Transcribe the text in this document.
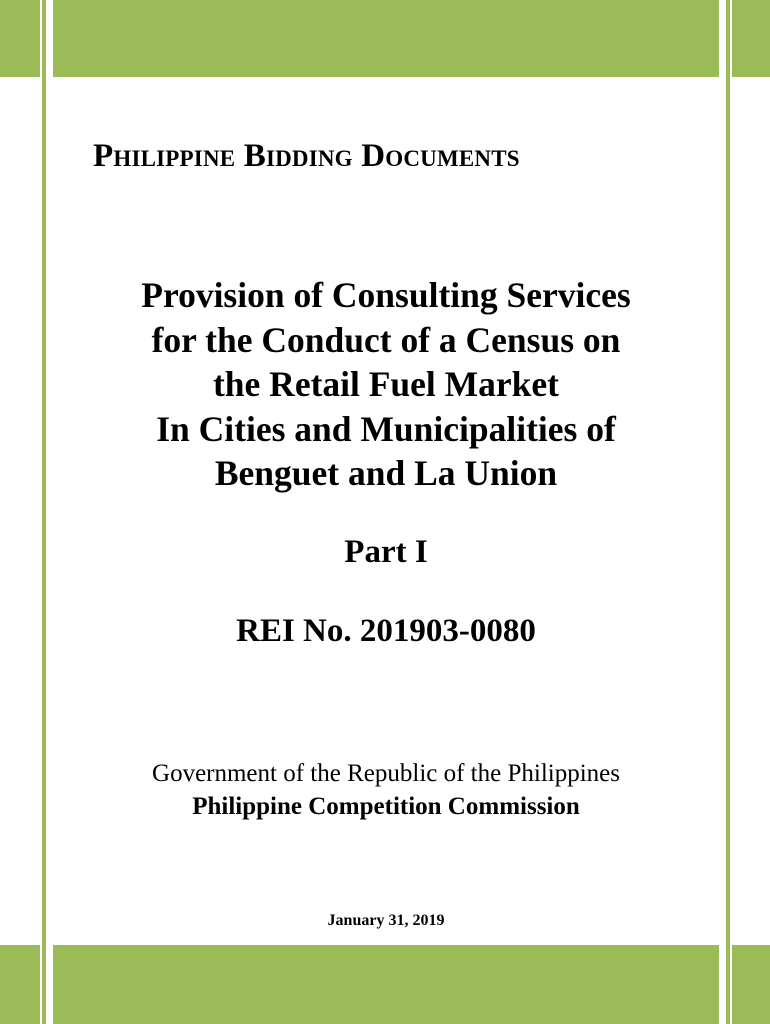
Philippine Bidding Documents
Provision of Consulting Services
for the Conduct of a Census on
the Retail Fuel Market
In Cities and Municipalities of
Benguet and La Union
Part I
REI No. 201903-0080
Government of the Republic of the Philippines
Philippine Competition Commission
January 31, 2019
